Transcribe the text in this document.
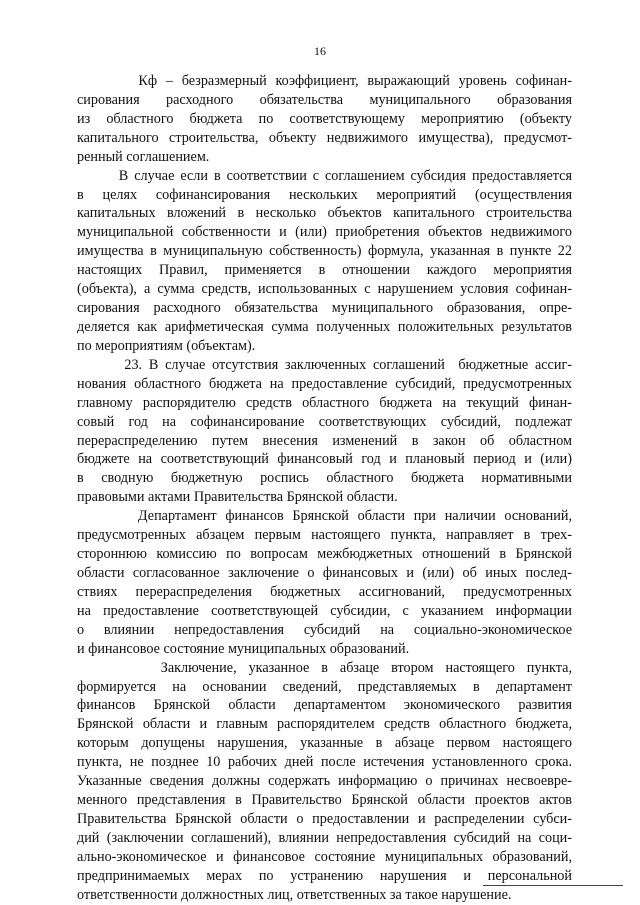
16
Кф – безразмерный коэффициент, выражающий уровень софинан-
сирования расходного обязательства муниципального образования
из областного бюджета по соответствующему мероприятию (объекту
капитального строительства, объекту недвижимого имущества), предусмот-
ренный соглашением.
В случае если в соответствии с соглашением субсидия предоставляется
в целях софинансирования нескольких мероприятий (осуществления
капитальных вложений в несколько объектов капитального строительства
муниципальной собственности и (или) приобретения объектов недвижимого
имущества в муниципальную собственность) формула, указанная в пункте 22
настоящих Правил, применяется в отношении каждого мероприятия
(объекта), а сумма средств, использованных с нарушением условия софинан-
сирования расходного обязательства муниципального образования, опре-
деляется как арифметическая сумма полученных положительных результатов
по мероприятиям (объектам).
23. В случае отсутствия заключенных соглашений  бюджетные ассиг-
нования областного бюджета на предоставление субсидий, предусмотренных
главному распорядителю средств областного бюджета на текущий финан-
совый год на софинансирование соответствующих субсидий, подлежат
перераспределению путем внесения изменений в закон об областном
бюджете на соответствующий финансовый год и плановый период и (или)
в сводную бюджетную роспись областного бюджета нормативными
правовыми актами Правительства Брянской области.
Департамент финансов Брянской области при наличии оснований,
предусмотренных абзацем первым настоящего пункта, направляет в трех-
стороннюю комиссию по вопросам межбюджетных отношений в Брянской
области согласованное заключение о финансовых и (или) об иных послед-
ствиях перераспределения бюджетных ассигнований, предусмотренных
на предоставление соответствующей субсидии, с указанием информации
о влиянии непредоставления субсидий на социально-экономическое
и финансовое состояние муниципальных образований.
Заключение, указанное в абзаце втором настоящего пункта,
формируется на основании сведений, представляемых в департамент
финансов Брянской области департаментом экономического развития
Брянской области и главным распорядителем средств областного бюджета,
которым допущены нарушения, указанные в абзаце первом настоящего
пункта, не позднее 10 рабочих дней после истечения установленного срока.
Указанные сведения должны содержать информацию о причинах несвоевре-
менного представления в Правительство Брянской области проектов актов
Правительства Брянской области о предоставлении и распределении субси-
дий (заключении соглашений), влиянии непредоставления субсидий на соци-
ально-экономическое и финансовое состояние муниципальных образований,
предпринимаемых мерах по устранению нарушения и персональной
ответственности должностных лиц, ответственных за такое нарушение.
